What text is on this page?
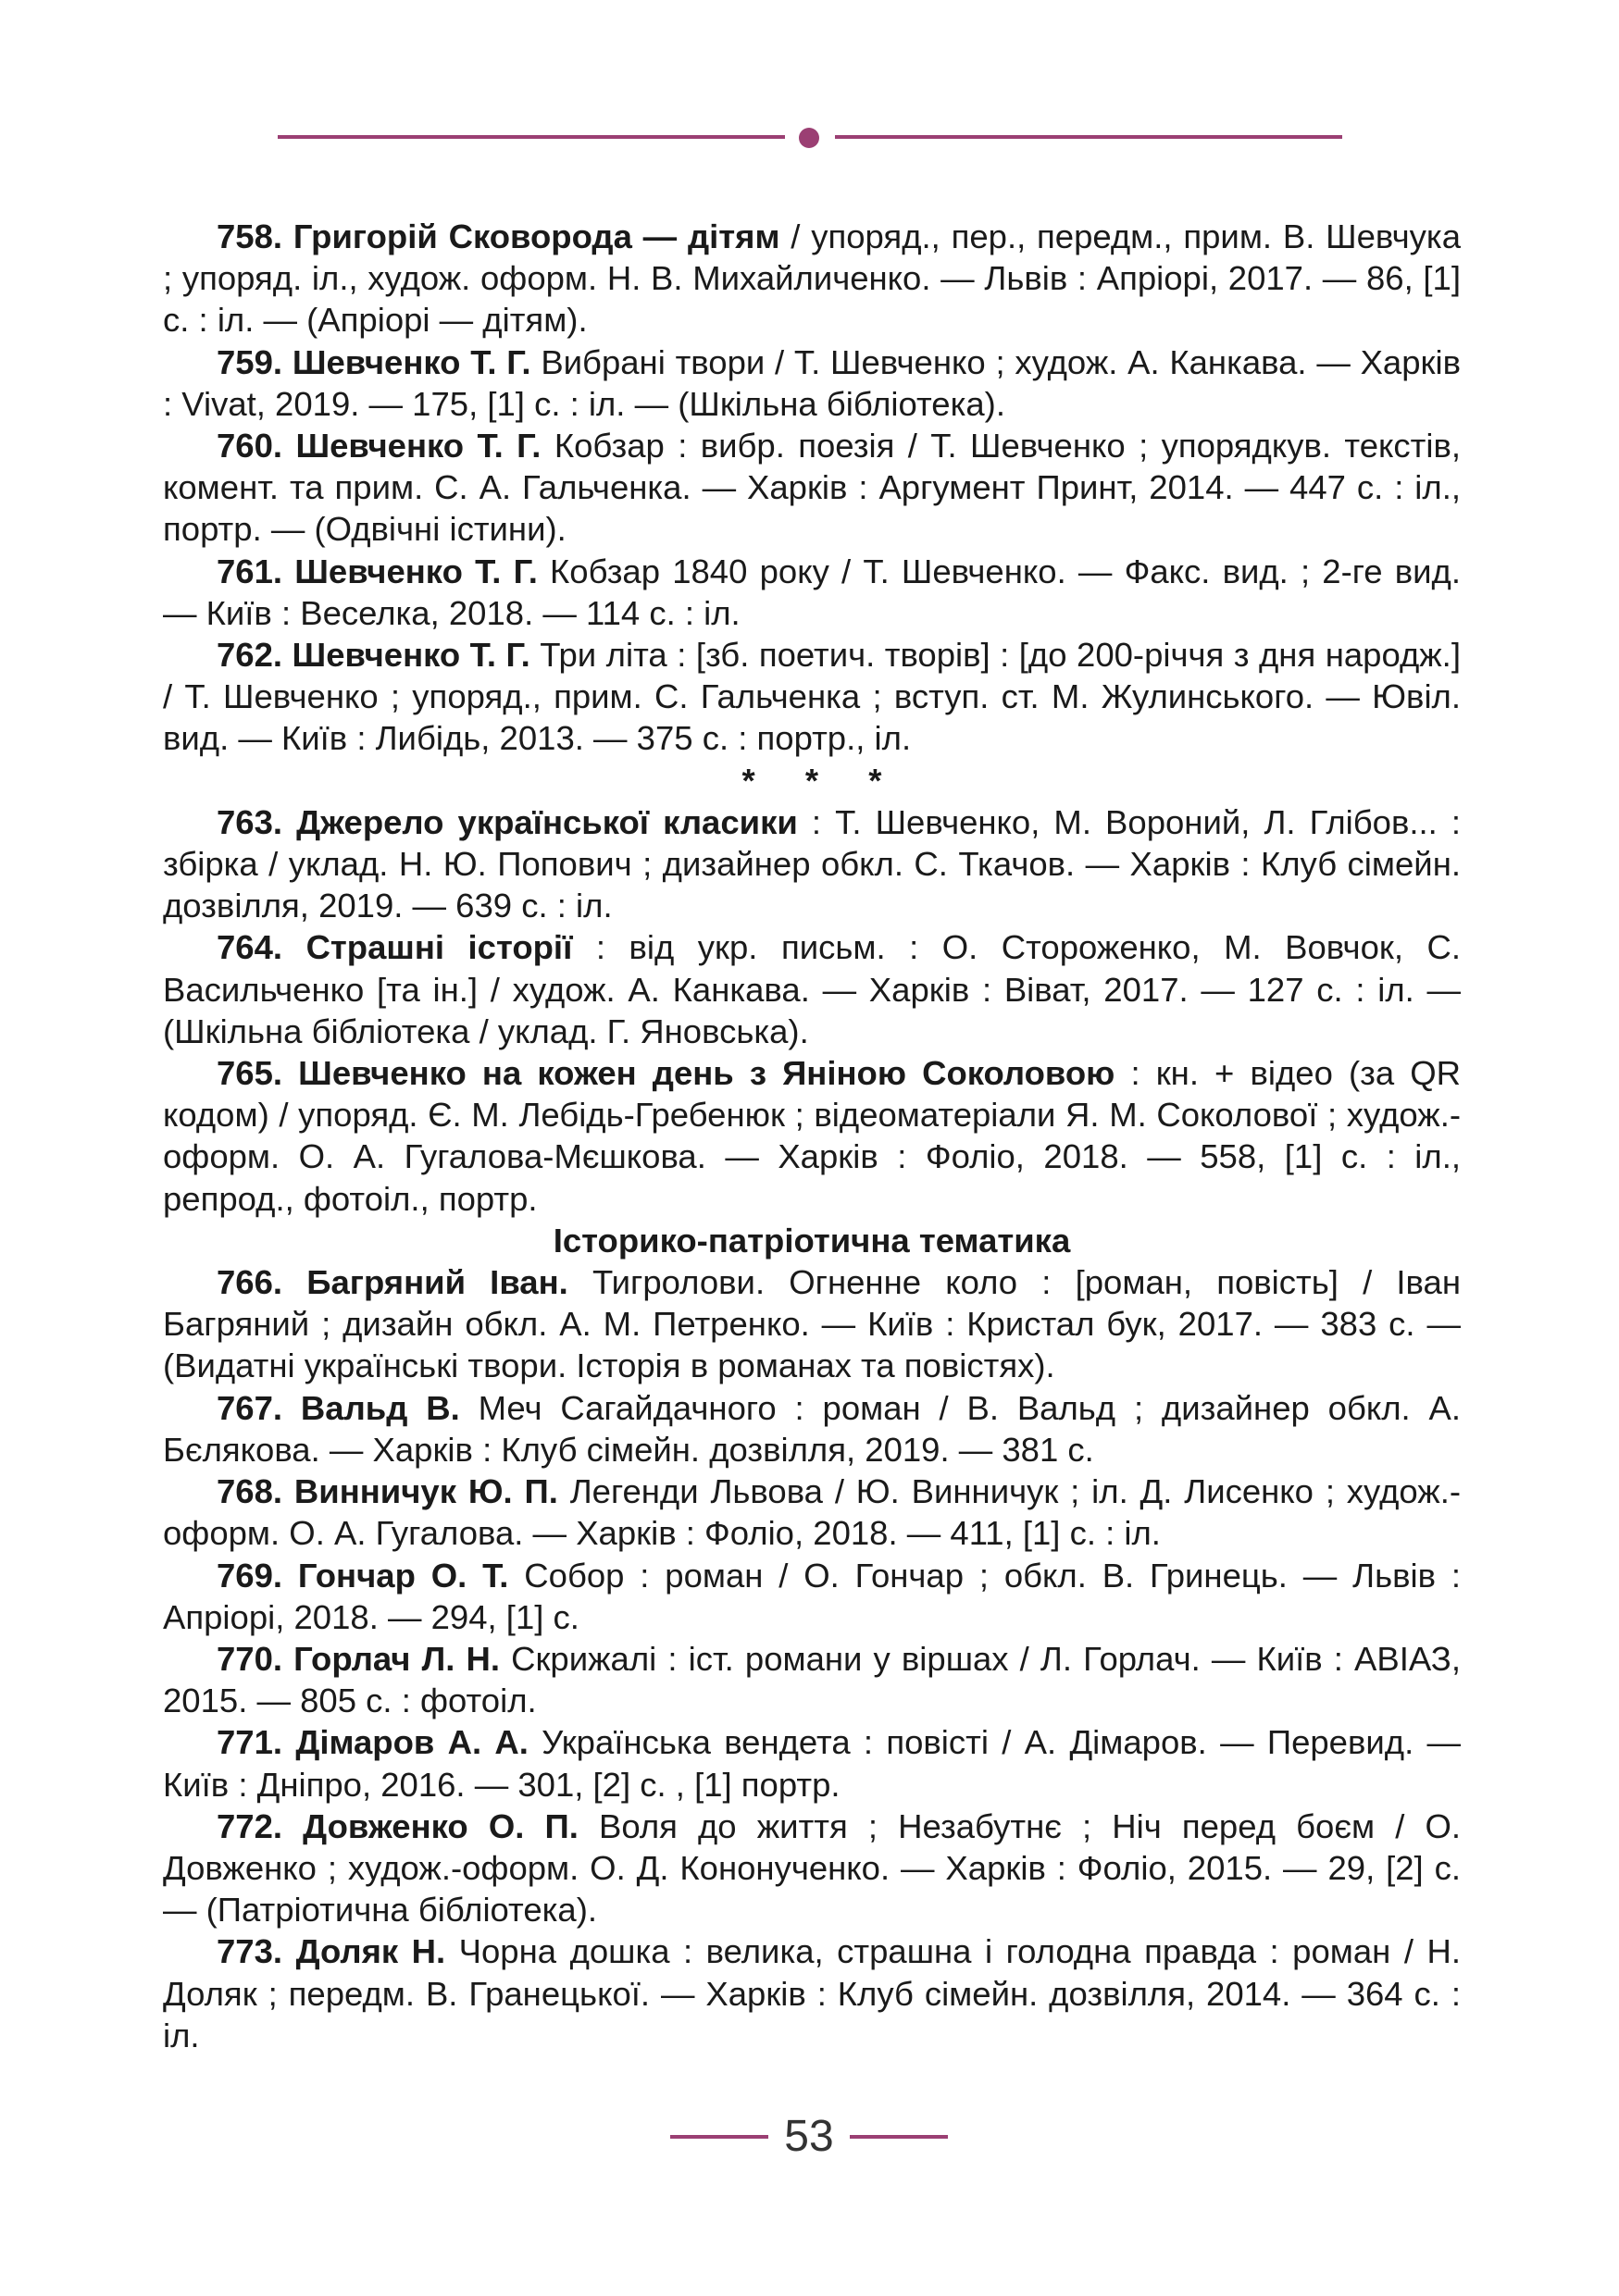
758. Григорій Сковорода — дітям / упоряд., пер., передм., прим. В. Шевчука ; упоряд. іл., худож. оформ. Н. В. Михайличенко. — Львів : Апріорі, 2017. — 86, [1] с. : іл. — (Апріорі — дітям).

759. Шевченко Т. Г. Вибрані твори / Т. Шевченко ; худож. А. Канкава. — Харків : Vivat, 2019. — 175, [1] с. : іл. — (Шкільна бібліотека).

760. Шевченко Т. Г. Кобзар : вибр. поезія / Т. Шевченко ; упорядкув. текстів, комент. та прим. С. А. Гальченка. — Харків : Аргумент Принт, 2014. — 447 с. : іл., портр. — (Одвічні істини).

761. Шевченко Т. Г. Кобзар 1840 року / Т. Шевченко. — Факс. вид. ; 2-ге вид. — Київ : Веселка, 2018. — 114 с. : іл.

762. Шевченко Т. Г. Три літа : [зб. поетич. творів] : [до 200-річчя з дня народж.] / Т. Шевченко ; упоряд., прим. С. Гальченка ; вступ. ст. М. Жулинського. — Ювіл. вид. — Київ : Либідь, 2013. — 375 с. : портр., іл.

* * *

763. Джерело української класики : Т. Шевченко, М. Вороний, Л. Глібов... : збірка / уклад. Н. Ю. Попович ; дизайнер обкл. С. Ткачов. — Харків : Клуб сімейн. дозвілля, 2019. — 639 с. : іл.

764. Страшні історії : від укр. письм. : О. Стороженко, М. Вовчок, С. Васильченко [та ін.] / худож. А. Канкава. — Харків : Віват, 2017. — 127 с. : іл. — (Шкільна бібліотека / уклад. Г. Яновська).

765. Шевченко на кожен день з Яніною Соколовою : кн. + відео (за QR кодом) / упоряд. Є. М. Лебідь-Гребенюк ; відеоматеріали Я. М. Соколової ; худож.-оформ. О. А. Гугалова-Мєшкова. — Харків : Фоліо, 2018. — 558, [1] с. : іл., репрод., фотоіл., портр.

Історико-патріотична тематика

766. Багряний Іван. Тигролови. Огненне коло : [роман, повість] / Іван Багряний ; дизайн обкл. А. М. Петренко. — Київ : Кристал бук, 2017. — 383 с. — (Видатні українські твори. Історія в романах та повістях).

767. Вальд В. Меч Сагайдачного : роман / В. Вальд ; дизайнер обкл. А. Бєлякова. — Харків : Клуб сімейн. дозвілля, 2019. — 381 с.

768. Винничук Ю. П. Легенди Львова / Ю. Винничук ; іл. Д. Лисенко ; худож.-оформ. О. А. Гугалова. — Харків : Фоліо, 2018. — 411, [1] с. : іл.

769. Гончар О. Т. Собор : роман / О. Гончар ; обкл. В. Гринець. — Львів : Апріорі, 2018. — 294, [1] с.

770. Горлач Л. Н. Скрижалі : іст. романи у віршах / Л. Горлач. — Київ : АВІАЗ, 2015. — 805 с. : фотоіл.

771. Дімаров А. А. Українська вендета : повісті / А. Дімаров. — Перевид. — Київ : Дніпро, 2016. — 301, [2] с. , [1] портр.

772. Довженко О. П. Воля до життя ; Незабутнє ; Ніч перед боєм / О. Довженко ; худож.-оформ. О. Д. Кононученко. — Харків : Фоліо, 2015. — 29, [2] с. — (Патріотична бібліотека).

773. Доляк Н. Чорна дошка : велика, страшна і голодна правда : роман / Н. Доляк ; передм. В. Гранецької. — Харків : Клуб сімейн. дозвілля, 2014. — 364 с. : іл.

53
